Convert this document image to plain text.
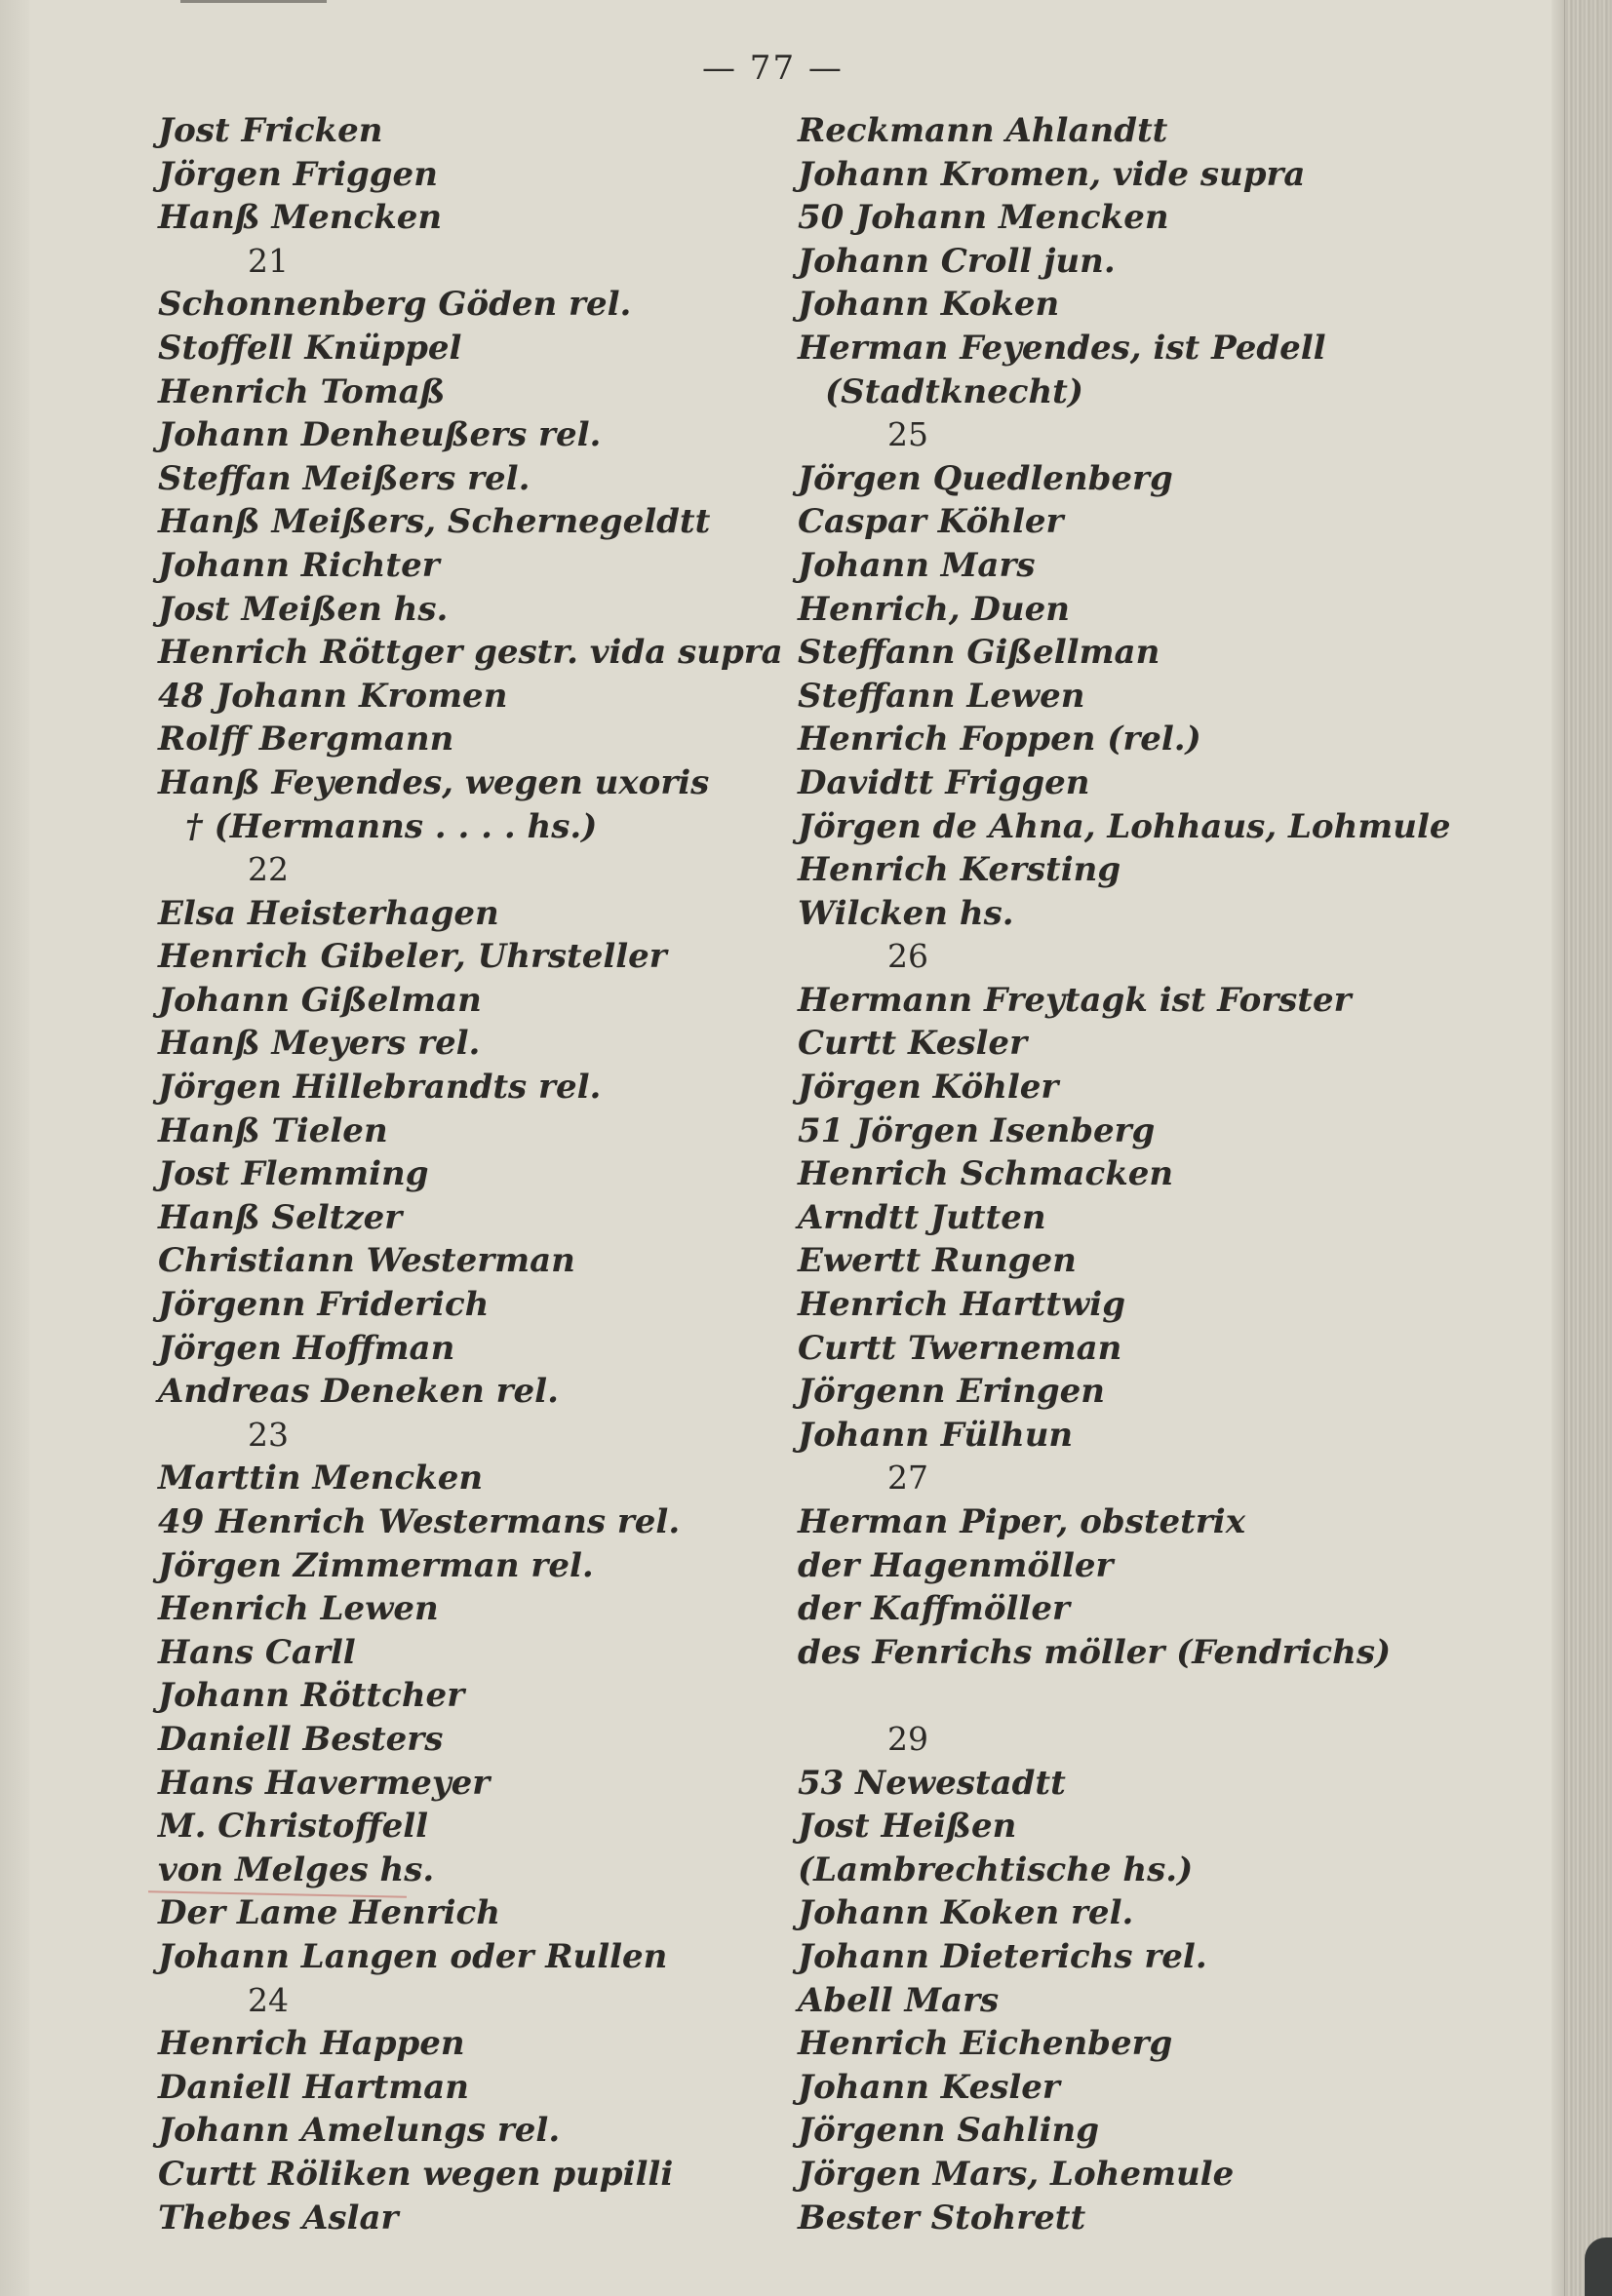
— 77 —
Jost Fricken
Jörgen Friggen
Hanß Mencken
21
Schonnenberg Göden rel.
Stoffell Knüppel
Henrich Tomaß
Johann Denheußers rel.
Steffan Meißers rel.
Hanß Meißers, Schernegeldtt
Johann Richter
Jost Meißen hs.
Henrich Röttger gestr. vida supra
48 Johann Kromen
Rolff Bergmann
Hanß Feyendes, wegen uxoris
† (Hermanns . . . . hs.)
22
Elsa Heisterhagen
Henrich Gibeler, Uhrsteller
Johann Gißelman
Hanß Meyers rel.
Jörgen Hillebrandts rel.
Hanß Tielen
Jost Flemming
Hanß Seltzer
Christiann Westerman
Jörgenn Friderich
Jörgen Hoffman
Andreas Deneken rel.
23
Marttin Mencken
49 Henrich Westermans rel.
Jörgen Zimmerman rel.
Henrich Lewen
Hans Carll
Johann Röttcher
Daniell Besters
Hans Havermeyer
M. Christoffell
von Melges hs.
Der Lame Henrich
Johann Langen oder Rullen
24
Henrich Happen
Daniell Hartman
Johann Amelungs rel.
Curtt Röliken wegen pupilli
Thebes Aslar
Reckmann Ahlandtt
Johann Kromen, vide supra
50 Johann Mencken
Johann Croll jun.
Johann Koken
Herman Feyendes, ist Pedell
(Stadtknecht)
25
Jörgen Quedlenberg
Caspar Köhler
Johann Mars
Henrich, Duen
Steffann Gißellman
Steffann Lewen
Henrich Foppen (rel.)
Davidtt Friggen
Jörgen de Ahna, Lohhaus, Lohmule
Henrich Kersting
Wilcken hs.
26
Hermann Freytagk ist Forster
Curtt Kesler
Jörgen Köhler
51 Jörgen Isenberg
Henrich Schmacken
Arndtt Jutten
Ewertt Rungen
Henrich Harttwig
Curtt Twerneman
Jörgenn Eringen
Johann Fülhun
27
Herman Piper, obstetrix
der Hagenmöller
der Kaffmöller
des Fenrichs möller (Fendrichs)
29
53 Newestadtt
Jost Heißen
(Lambrechtische hs.)
Johann Koken rel.
Johann Dieterichs rel.
Abell Mars
Henrich Eichenberg
Johann Kesler
Jörgenn Sahling
Jörgen Mars, Lohemule
Bester Stohrett
